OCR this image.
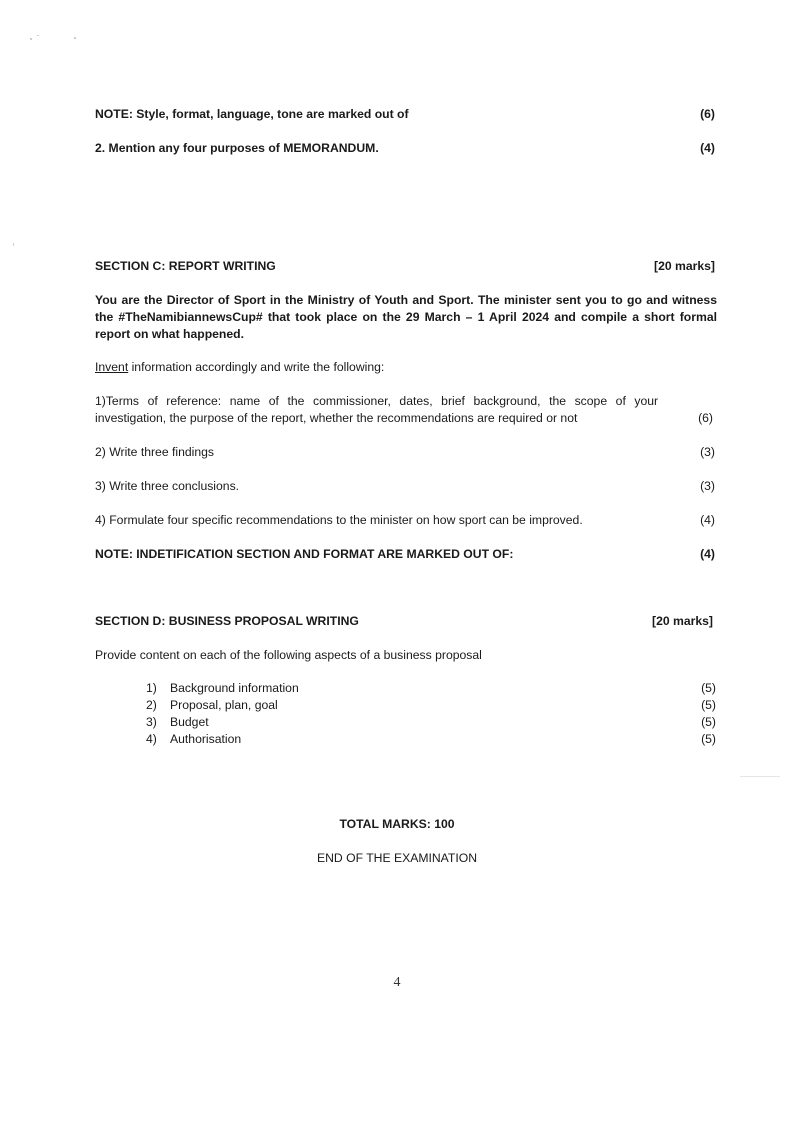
NOTE: Style, format, language, tone are marked out of	(6)
2. Mention any four purposes of MEMORANDUM.	(4)
SECTION C: REPORT WRITING	[20 marks]
You are the Director of Sport in the Ministry of Youth and Sport. The minister sent you to go and witness the #TheNamibiannewsCup# that took place on the 29 March – 1 April 2024 and compile a short formal report on what happened.
Invent information accordingly and write the following:
1)Terms of reference: name of the commissioner, dates, brief background, the scope of your investigation, the purpose of the report, whether the recommendations are required or not	(6)
2) Write three findings	(3)
3) Write three conclusions.	(3)
4) Formulate four specific recommendations to the minister on how sport can be improved.	(4)
NOTE: INDETIFICATION SECTION AND FORMAT ARE MARKED OUT OF:	(4)
SECTION D: BUSINESS PROPOSAL WRITING	[20 marks]
Provide content on each of the following aspects of a business proposal
1) Background information	(5)
2) Proposal, plan, goal	(5)
3) Budget	(5)
4) Authorisation	(5)
TOTAL MARKS: 100
END OF THE EXAMINATION
4
